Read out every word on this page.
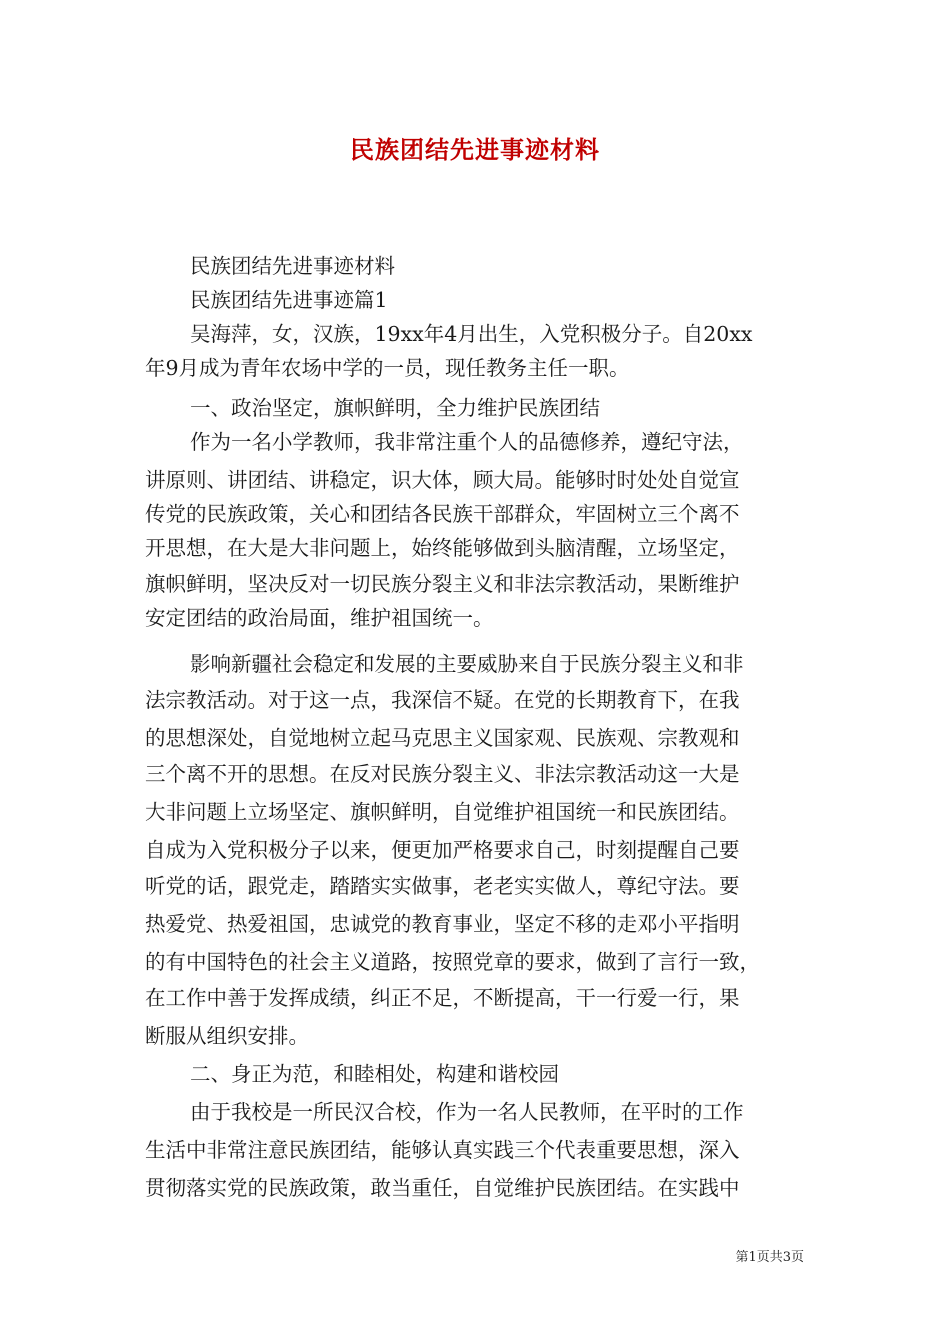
民族团结先进事迹材料
民族团结先进事迹材料
民族团结先进事迹篇1
吴海萍，女，汉族，19xx年4月出生，入党积极分子。自20xx
年9月成为青年农场中学的一员，现任教务主任一职。
一、政治坚定，旗帜鲜明，全力维护民族团结
作为一名小学教师，我非常注重个人的品德修养，遵纪守法，
讲原则、讲团结、讲稳定，识大体，顾大局。能够时时处处自觉宣
传党的民族政策，关心和团结各民族干部群众，牢固树立三个离不
开思想，在大是大非问题上，始终能够做到头脑清醒，立场坚定，
旗帜鲜明，坚决反对一切民族分裂主义和非法宗教活动，果断维护
安定团结的政治局面，维护祖国统一。
影响新疆社会稳定和发展的主要威胁来自于民族分裂主义和非
法宗教活动。对于这一点，我深信不疑。在党的长期教育下，在我
的思想深处，自觉地树立起马克思主义国家观、民族观、宗教观和
三个离不开的思想。在反对民族分裂主义、非法宗教活动这一大是
大非问题上立场坚定、旗帜鲜明，自觉维护祖国统一和民族团结。
自成为入党积极分子以来，便更加严格要求自己，时刻提醒自己要
听党的话，跟党走，踏踏实实做事，老老实实做人，尊纪守法。要
热爱党、热爱祖国，忠诚党的教育事业，坚定不移的走邓小平指明
的有中国特色的社会主义道路，按照党章的要求，做到了言行一致，
在工作中善于发挥成绩，纠正不足，不断提高，干一行爱一行，果
断服从组织安排。
二、身正为范，和睦相处，构建和谐校园
由于我校是一所民汉合校，作为一名人民教师，在平时的工作
生活中非常注意民族团结，能够认真实践三个代表重要思想，深入
贯彻落实党的民族政策，敢当重任，自觉维护民族团结。在实践中
第1页共3页
